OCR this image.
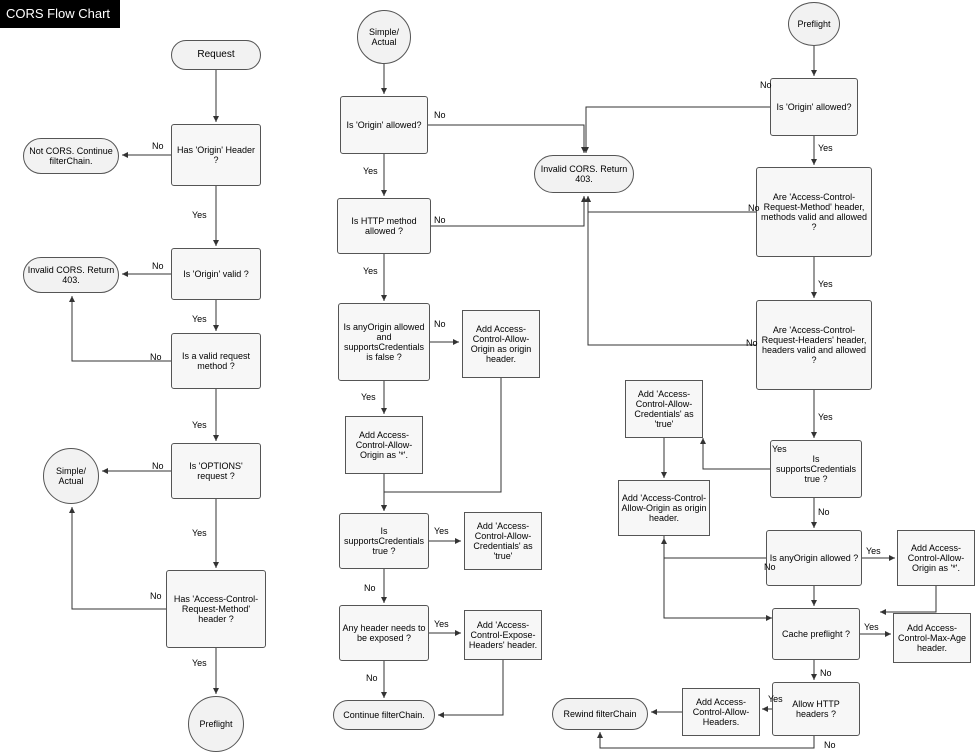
CORS Flow Chart
Request
Has 'Origin' Header ?
Not CORS. Continue filterChain.
Is 'Origin' valid ?
Invalid CORS. Return 403.
Is a valid request method ?
Is 'OPTIONS' request ?
Simple/ Actual
Has 'Access-Control-Request-Method' header ?
Preflight
Simple/ Actual
Is 'Origin' allowed?
Is HTTP method allowed ?
Is anyOrigin allowed and supportsCredentials is false ?
Add Access-Control-Allow-Origin as origin header.
Add Access-Control-Allow-Origin as '*'.
Is supportsCredentials true ?
Add 'Access-Control-Allow-Credentials' as 'true'
Any header needs to be exposed ?
Add 'Access-Control-Expose-Headers' header.
Continue filterChain.
Invalid CORS. Return 403.
Preflight
Is 'Origin' allowed?
Are 'Access-Control-Request-Method' header, methods valid and allowed ?
Are 'Access-Control-Request-Headers' header, headers valid and allowed ?
Is supportsCredentials true ?
Add 'Access-Control-Allow-Credentials' as 'true'
Add 'Access-Control-Allow-Origin as origin header.
Is anyOrigin allowed ?
Add Access-Control-Allow-Origin as '*'.
Cache preflight ?
Add Access-Control-Max-Age header.
Allow HTTP headers ?
Add Access-Control-Allow-Headers.
Rewind filterChain
No
Yes
No
Yes
No
Yes
No
Yes
No
Yes
No
Yes
No
Yes
No
Yes
Yes
No
Yes
No
No
Yes
No
Yes
No
Yes
Yes
No
No
Yes
Yes
No
Yes
No
